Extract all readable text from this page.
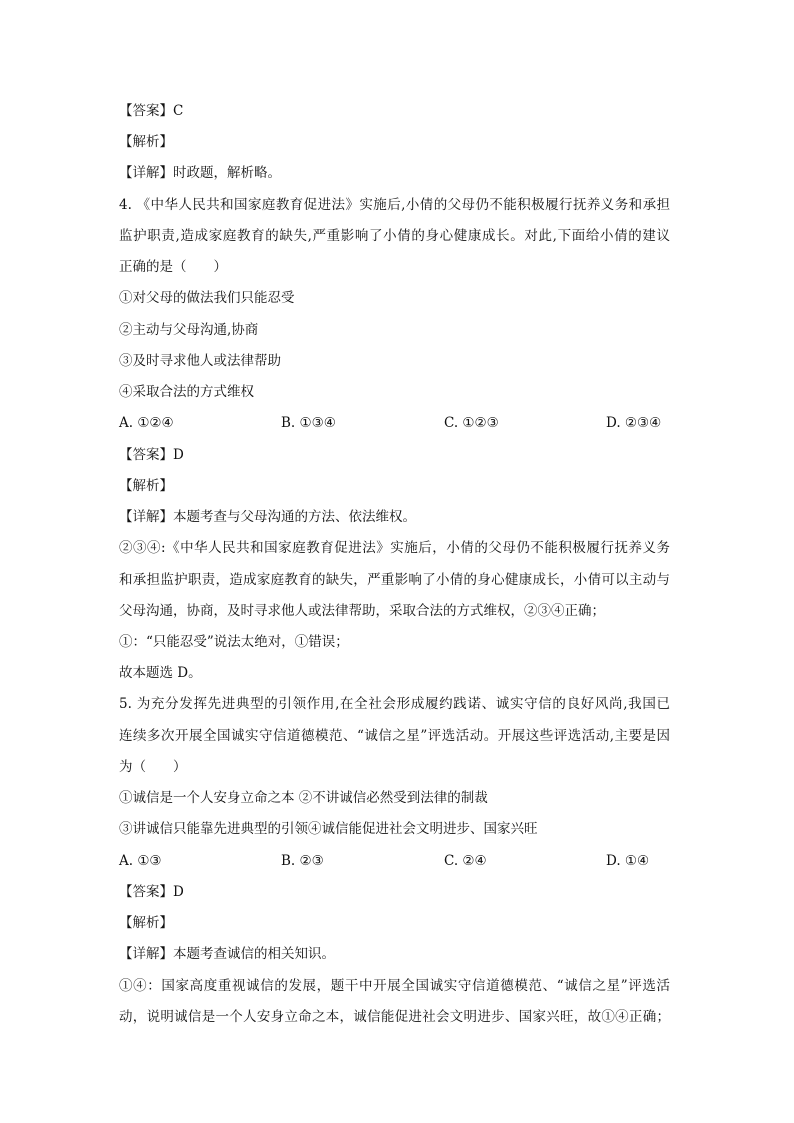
【答案】C
【解析】
【详解】时政题，解析略。
4. 《中华人民共和国家庭教育促进法》实施后,小倩的父母仍不能积极履行抚养义务和承担
监护职责,造成家庭教育的缺失,严重影响了小倩的身心健康成长。对此,下面给小倩的建议
正确的是（　　）
①对父母的做法我们只能忍受
②主动与父母沟通,协商
③及时寻求他人或法律帮助
④采取合法的方式维权
A. ①②④	B. ①③④	C. ①②③	D. ②③④
【答案】D
【解析】
【详解】本题考查与父母沟通的方法、依法维权。
②③④:《中华人民共和国家庭教育促进法》实施后，小倩的父母仍不能积极履行抚养义务
和承担监护职责，造成家庭教育的缺失，严重影响了小倩的身心健康成长，小倩可以主动与
父母沟通，协商，及时寻求他人或法律帮助，采取合法的方式维权，②③④正确；
①：“只能忍受”说法太绝对，①错误；
故本题选 D。
5. 为充分发挥先进典型的引领作用,在全社会形成履约践诺、诚实守信的良好风尚,我国已
连续多次开展全国诚实守信道德模范、“诚信之星”评选活动。开展这些评选活动,主要是因
为（　　）
①诚信是一个人安身立命之本 ②不讲诚信必然受到法律的制裁
③讲诚信只能靠先进典型的引领④诚信能促进社会文明进步、国家兴旺
A. ①③	B. ②③	C. ②④	D. ①④
【答案】D
【解析】
【详解】本题考查诚信的相关知识。
①④：国家高度重视诚信的发展，题干中开展全国诚实守信道德模范、“诚信之星”评选活
动，说明诚信是一个人安身立命之本，诚信能促进社会文明进步、国家兴旺，故①④正确；
